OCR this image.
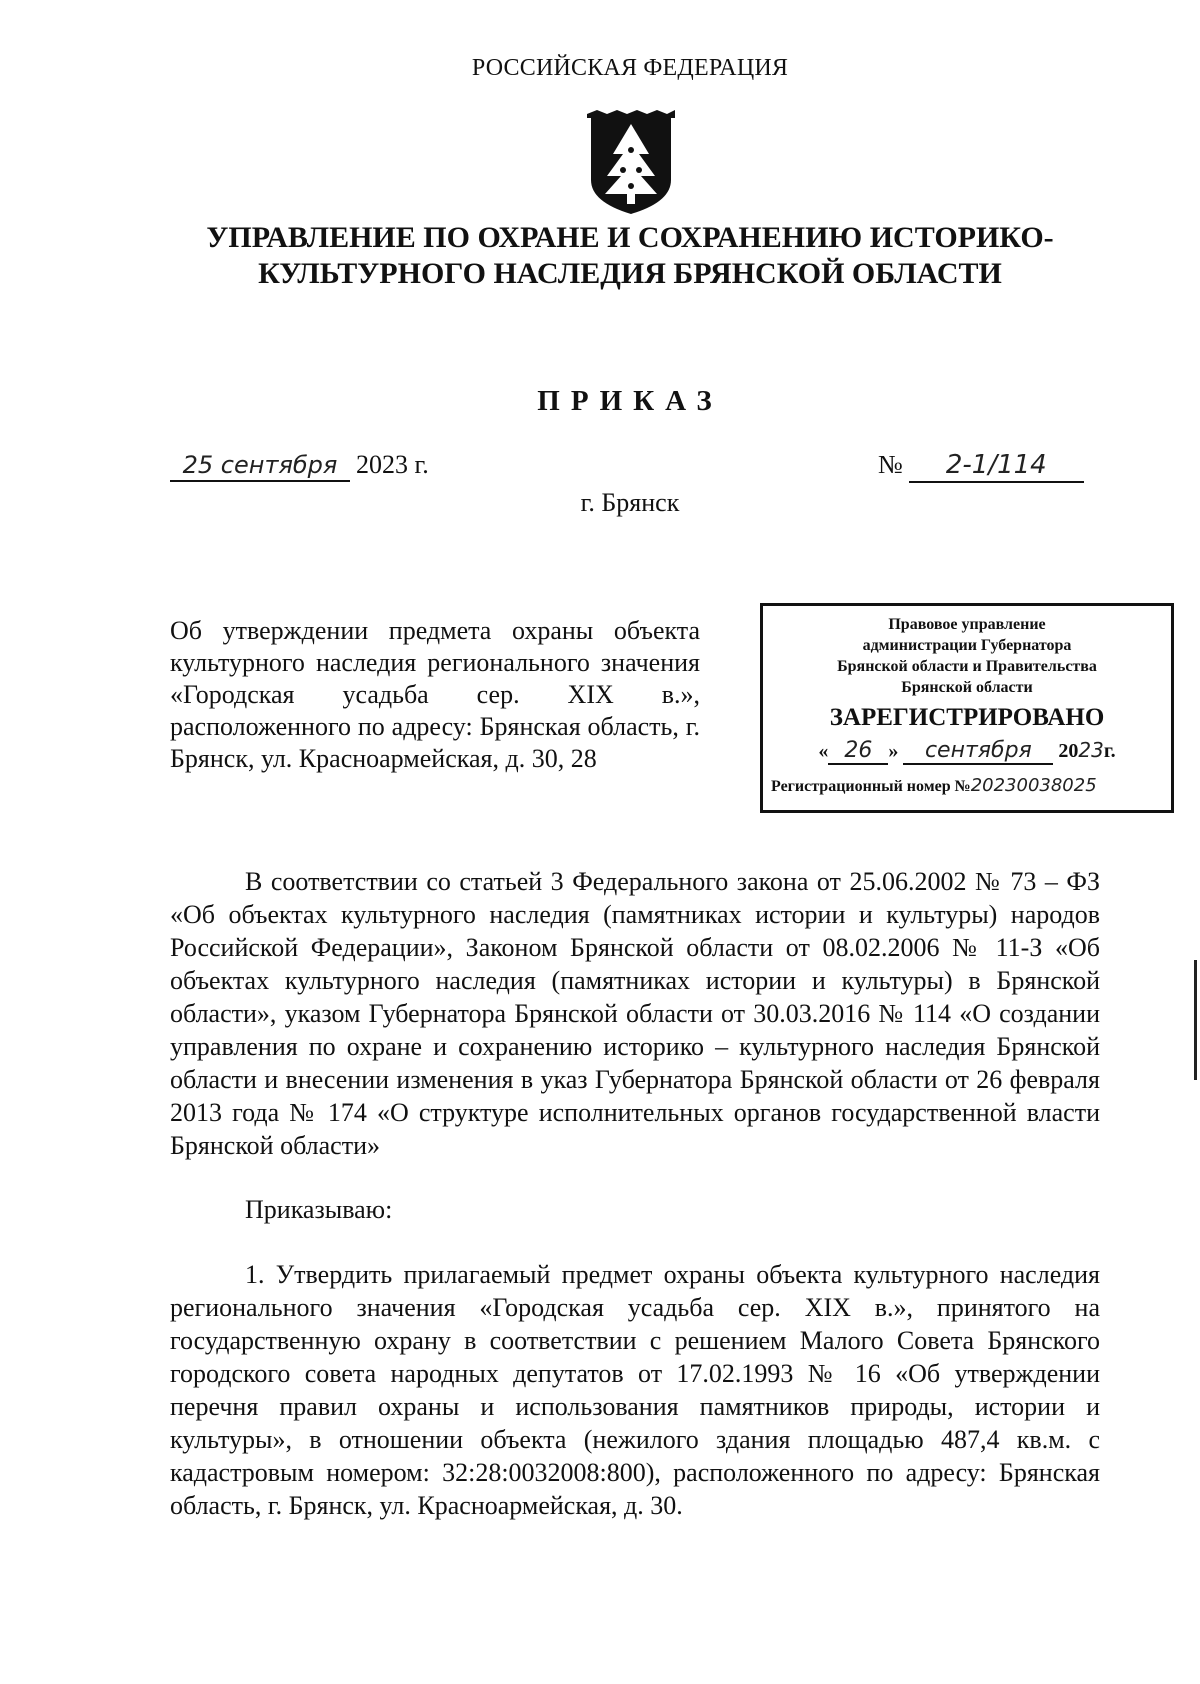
РОССИЙСКАЯ ФЕДЕРАЦИЯ
УПРАВЛЕНИЕ ПО ОХРАНЕ И СОХРАНЕНИЮ ИСТОРИКО-
КУЛЬТУРНОГО НАСЛЕДИЯ БРЯНСКОЙ ОБЛАСТИ
ПРИКАЗ
25 сентября 2023 г.	№ 2-1/114
г. Брянск
Об утверждении предмета охраны объекта культурного наследия регионального значения «Городская усадьба сер. XIX в.», расположенного по адресу: Брянская область, г. Брянск, ул. Красноармейская, д. 30, 28
Правовое управление
администрации Губернатора
Брянской области и Правительства
Брянской области
ЗАРЕГИСТРИРОВАНО
« 26 » сентября 2023г.
Регистрационный номер №20230038025
В соответствии со статьей 3 Федерального закона от 25.06.2002 № 73 – ФЗ «Об объектах культурного наследия (памятниках истории и культуры) народов Российской Федерации», Законом Брянской области от 08.02.2006 № 11-З «Об объектах культурного наследия (памятниках истории и культуры) в Брянской области», указом Губернатора Брянской области от 30.03.2016 № 114 «О создании управления по охране и сохранению историко – культурного наследия Брянской области и внесении изменения в указ Губернатора Брянской области от 26 февраля 2013 года № 174 «О структуре исполнительных органов государственной власти Брянской области»
Приказываю:
1. Утвердить прилагаемый предмет охраны объекта культурного наследия регионального значения «Городская усадьба сер. XIX в.», принятого на государственную охрану в соответствии с решением Малого Совета Брянского городского совета народных депутатов от 17.02.1993 № 16 «Об утверждении перечня правил охраны и использования памятников природы, истории и культуры», в отношении объекта (нежилого здания площадью 487,4 кв.м. с кадастровым номером: 32:28:0032008:800), расположенного по адресу: Брянская область, г. Брянск, ул. Красноармейская, д. 30.
